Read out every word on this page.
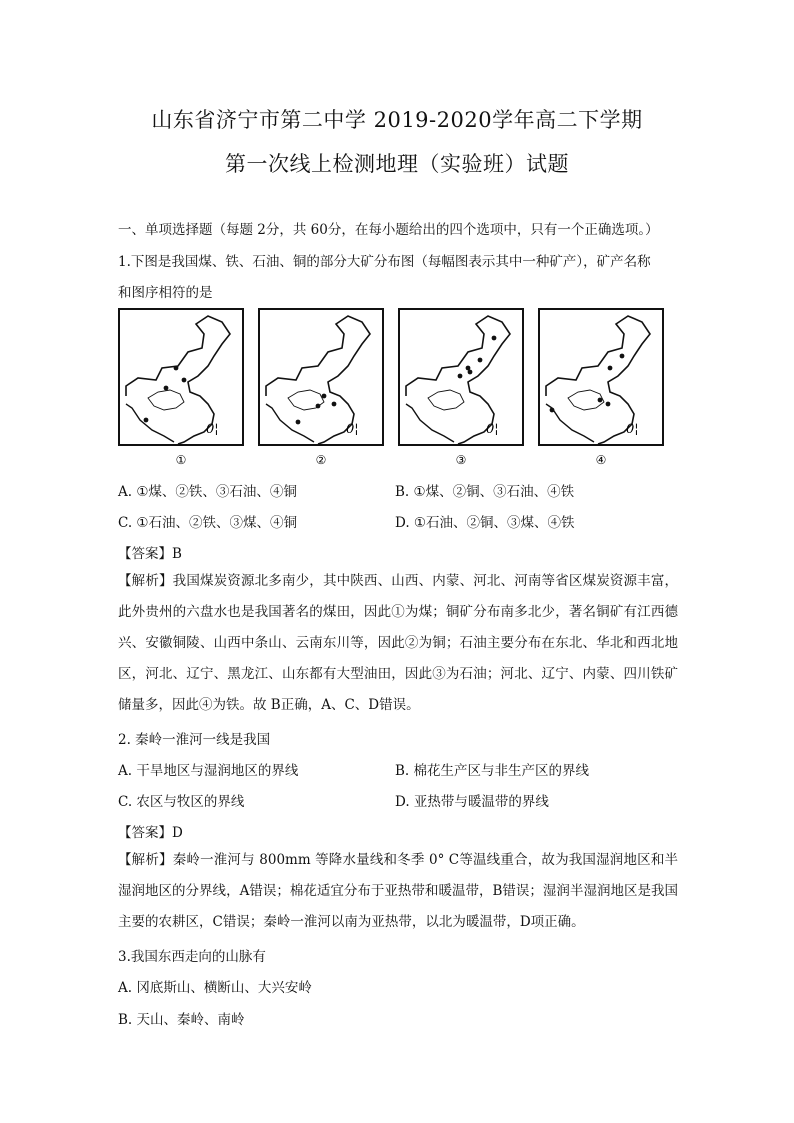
山东省济宁市第二中学 2019-2020学年高二下学期
第一次线上检测地理（实验班）试题
一、单项选择题（每题 2分，共 60分，在每小题给出的四个选项中，只有一个正确选项。）
1.下图是我国煤、铁、石油、铜的部分大矿分布图（每幅图表示其中一种矿产），矿产名称
和图序相符的是
0¦
①
0¦
②
0¦
③
0¦
④
A. ①煤、②铁、③石油、④铜	B. ①煤、②铜、③石油、④铁
C. ①石油、②铁、③煤、④铜	D. ①石油、②铜、③煤、④铁
【答案】B
【解析】我国煤炭资源北多南少，其中陕西、山西、内蒙、河北、河南等省区煤炭资源丰富，此外贵州的六盘水也是我国著名的煤田，因此①为煤；铜矿分布南多北少，著名铜矿有江西德兴、安徽铜陵、山西中条山、云南东川等，因此②为铜；石油主要分布在东北、华北和西北地区，河北、辽宁、黑龙江、山东都有大型油田，因此③为石油；河北、辽宁、内蒙、四川铁矿储量多，因此④为铁。故 B正确，A、C、D错误。
2. 秦岭一淮河一线是我国
A. 干旱地区与湿润地区的界线	B. 棉花生产区与非生产区的界线
C. 农区与牧区的界线	D. 亚热带与暖温带的界线
【答案】D
【解析】秦岭一淮河与 800mm 等降水量线和冬季 0° C等温线重合，故为我国湿润地区和半湿润地区的分界线，A错误；棉花适宜分布于亚热带和暖温带，B错误；湿润半湿润地区是我国主要的农耕区，C错误；秦岭一淮河以南为亚热带，以北为暖温带，D项正确。
3.我国东西走向的山脉有
A. 冈底斯山、横断山、大兴安岭
B. 天山、秦岭、南岭
